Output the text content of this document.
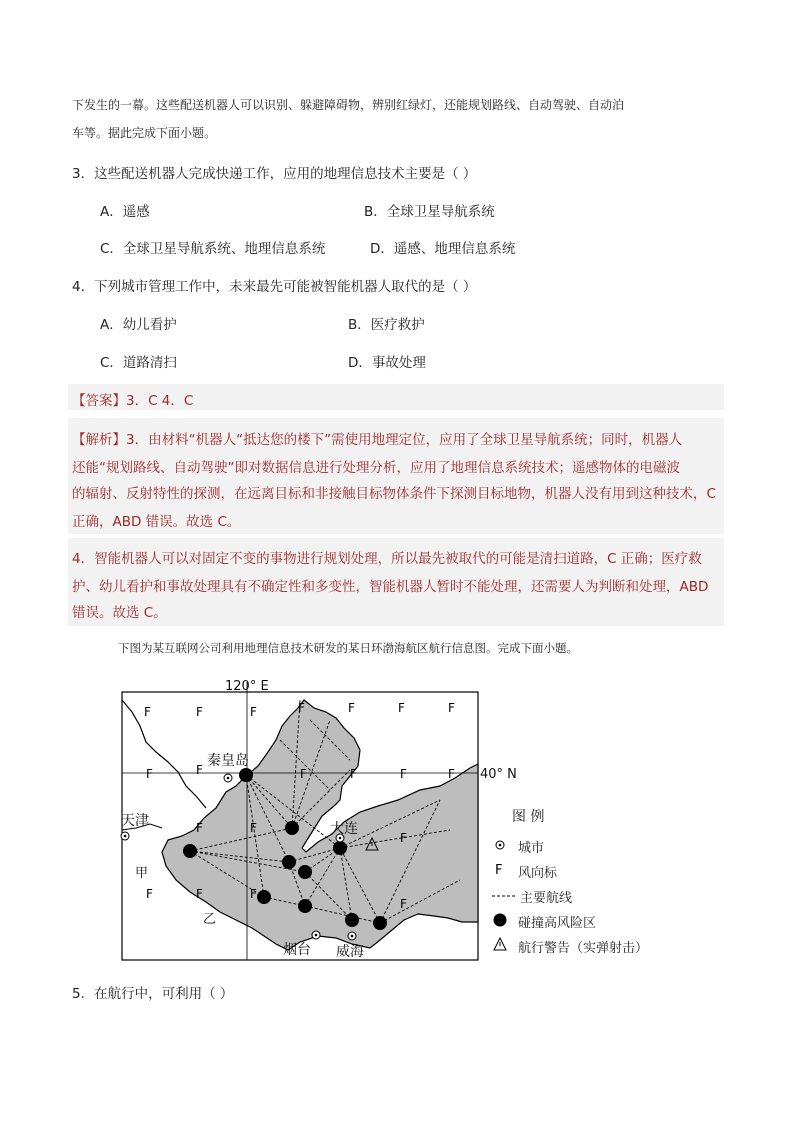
下发生的一幕。这些配送机器人可以识别、躲避障碍物，辨别红绿灯，还能规划路线、自动驾驶、自动泊
车等。据此完成下面小题。
3．这些配送机器人完成快递工作，应用的地理信息技术主要是（ ）
A．遥感	B．全球卫星导航系统
C．全球卫星导航系统、地理信息系统	D．遥感、地理信息系统
4．下列城市管理工作中，未来最先可能被智能机器人取代的是（ ）
A．幼儿看护	B．医疗救护
C．道路清扫	D．事故处理
【答案】3．C 4．C
【解析】3．由材料“机器人“抵达您的楼下”需使用地理定位，应用了全球卫星导航系统；同时，机器人
还能“规划路线、自动驾驶”即对数据信息进行处理分析，应用了地理信息系统技术；遥感物体的电磁波
的辐射、反射特性的探测，在远离目标和非接触目标物体条件下探测目标地物，机器人没有用到这种技术，C
正确，ABD 错误。故选 C。
4．智能机器人可以对固定不变的事物进行规划处理，所以最先被取代的可能是清扫道路，C 正确；医疗救
护、幼儿看护和事故处理具有不确定性和多变性，智能机器人暂时不能处理，还需要人为判断和处理，ABD
错误。故选 C。
下图为某互联网公司利用地理信息技术研发的某日环渤海航区航行信息图。完成下面小题。
F	F	F	F	F	F	F
F	F	F	F	F	F
F	F
F
F	F	F
F
120° E
40° N
秦皇岛
天津	大连
烟台 威海
甲
乙
F
图 例
城市
风向标
主要航线
碰撞高风险区
航行警告（实弹射击）
5．在航行中，可利用（ ）
